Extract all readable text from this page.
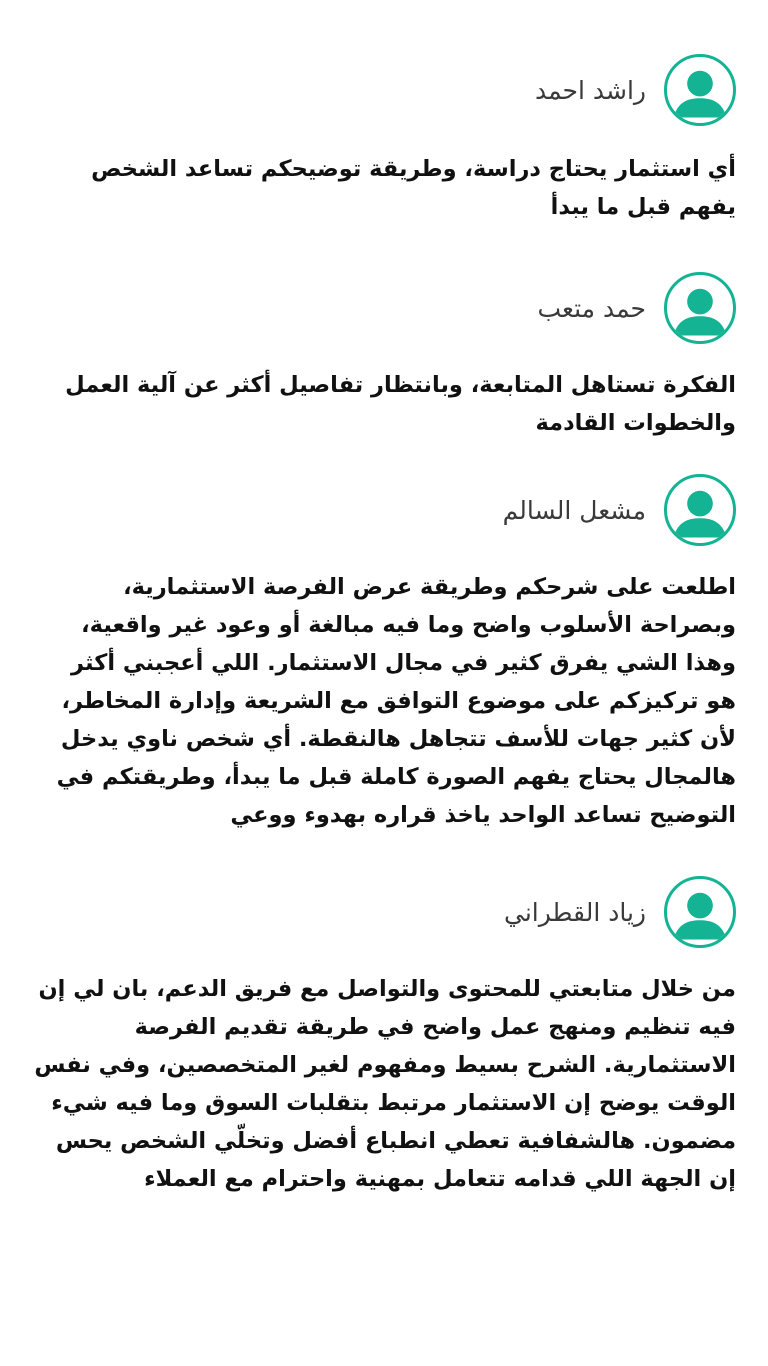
راشد احمد
أي استثمار يحتاج دراسة، وطريقة توضيحكم تساعد الشخص يفهم قبل ما يبدأ
حمد متعب
الفكرة تستاهل المتابعة، وبانتظار تفاصيل أكثر عن آلية العمل والخطوات القادمة
مشعل السالم
اطلعت على شرحكم وطريقة عرض الفرصة الاستثمارية، وبصراحة الأسلوب واضح وما فيه مبالغة أو وعود غير واقعية، وهذا الشي يفرق كثير في مجال الاستثمار. اللي أعجبني أكثر هو تركيزكم على موضوع التوافق مع الشريعة وإدارة المخاطر، لأن كثير جهات للأسف تتجاهل هالنقطة. أي شخص ناوي يدخل هالمجال يحتاج يفهم الصورة كاملة قبل ما يبدأ، وطريقتكم في التوضيح تساعد الواحد ياخذ قراره بهدوء ووعي
زياد القطراني
من خلال متابعتي للمحتوى والتواصل مع فريق الدعم، بان لي إن فيه تنظيم ومنهج عمل واضح في طريقة تقديم الفرصة الاستثمارية. الشرح بسيط ومفهوم لغير المتخصصين، وفي نفس الوقت يوضح إن الاستثمار مرتبط بتقلبات السوق وما فيه شيء مضمون. هالشفافية تعطي انطباع أفضل وتخلّي الشخص يحس إن الجهة اللي قدامه تتعامل بمهنية واحترام مع العملاء
